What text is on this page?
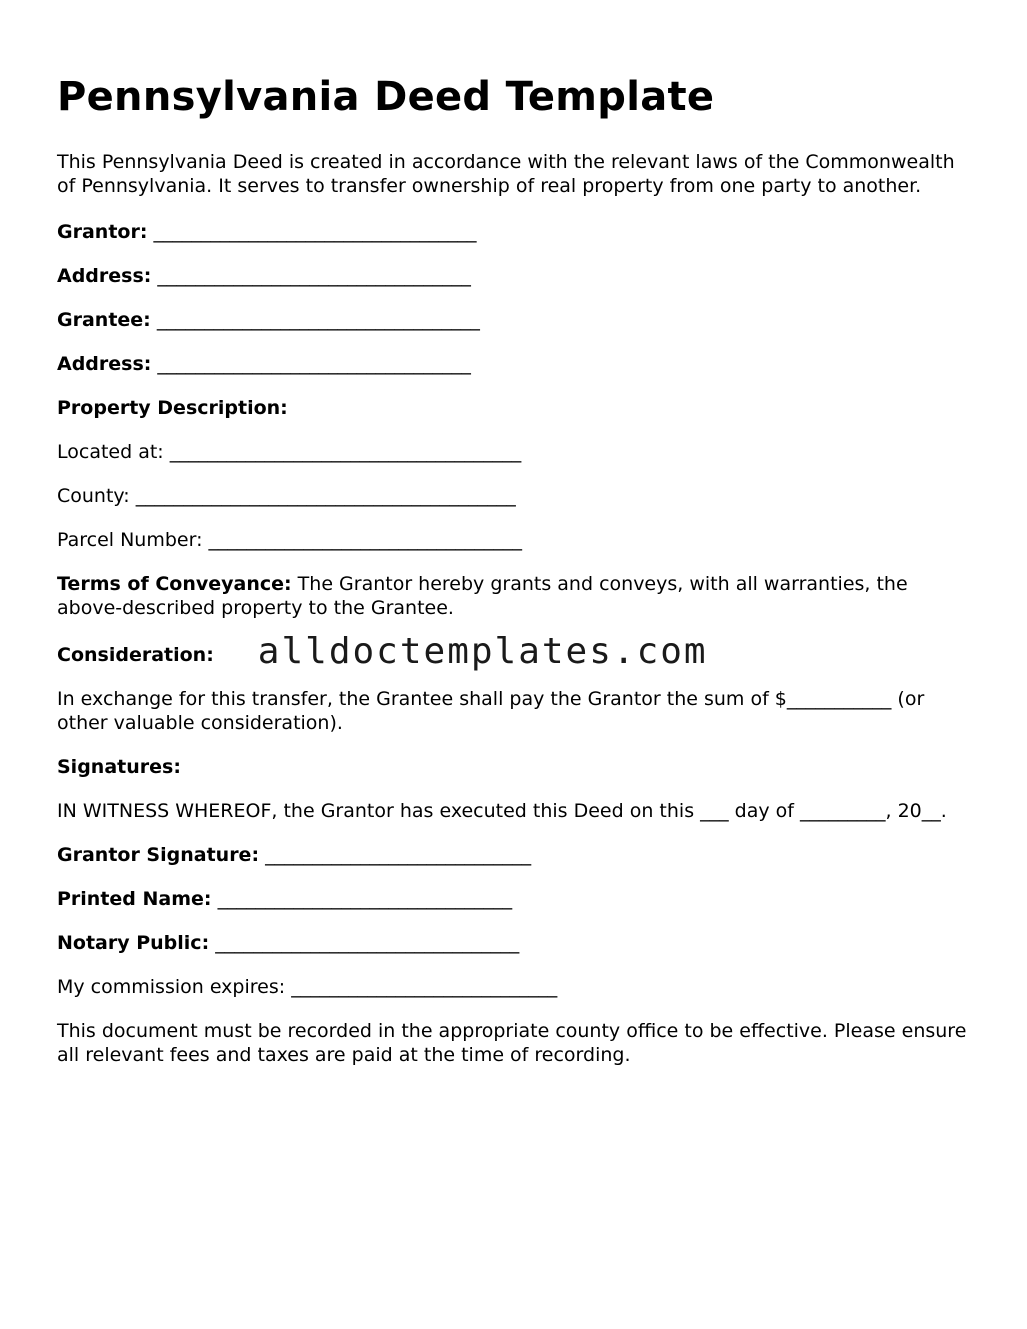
Pennsylvania Deed Template

This Pennsylvania Deed is created in accordance with the relevant laws of the Commonwealth of Pennsylvania. It serves to transfer ownership of real property from one party to another.

Grantor: __________________________________

Address: _________________________________

Grantee: __________________________________

Address: _________________________________

Property Description:

Located at: _____________________________________

County: ________________________________________

Parcel Number: _________________________________

Terms of Conveyance: The Grantor hereby grants and conveys, with all warranties, the above-described property to the Grantee.

Consideration: alldoctemplates.com

In exchange for this transfer, the Grantee shall pay the Grantor the sum of $___________ (or other valuable consideration).

Signatures:

IN WITNESS WHEREOF, the Grantor has executed this Deed on this ___ day of _________, 20__.

Grantor Signature: ____________________________

Printed Name: _______________________________

Notary Public: ________________________________

My commission expires: ____________________________

This document must be recorded in the appropriate county office to be effective. Please ensure all relevant fees and taxes are paid at the time of recording.
